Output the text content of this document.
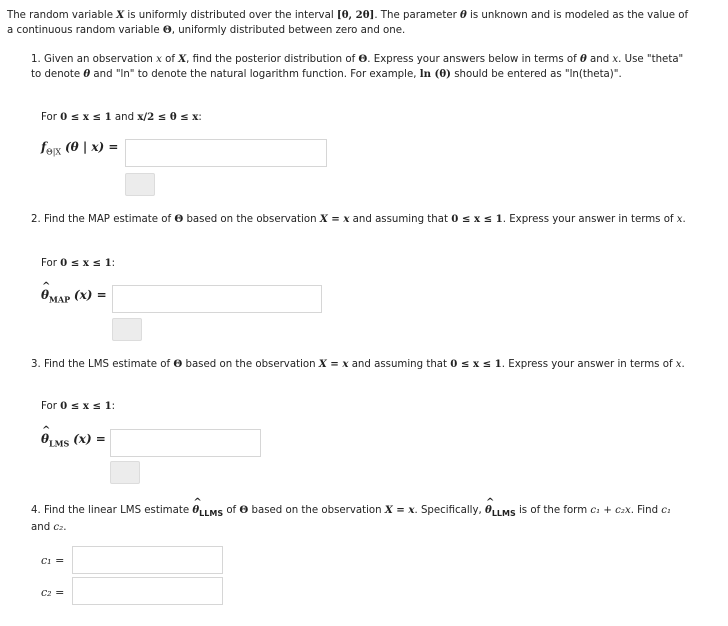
The random variable X is uniformly distributed over the interval [θ, 2θ]. The parameter θ is unknown and is modeled as the value of a continuous random variable Θ, uniformly distributed between zero and one.

1. Given an observation x of X, find the posterior distribution of Θ. Express your answers below in terms of θ and x. Use "theta" to denote θ and "ln" to denote the natural logarithm function. For example, ln (θ) should be entered as "ln(theta)".

For 0 ≤ x ≤ 1 and x/2 ≤ θ ≤ x:

$f_{\Theta|X}$ (θ | x) =

2. Find the MAP estimate of Θ based on the observation X = x and assuming that 0 ≤ x ≤ 1. Express your answer in terms of x.

For 0 ≤ x ≤ 1:

^ $\theta_{MAP}$ (x) =

3. Find the LMS estimate of Θ based on the observation X = x and assuming that 0 ≤ x ≤ 1. Express your answer in terms of x.

For 0 ≤ x ≤ 1:

^ $\theta_{LMS}$ (x) =

4. Find the linear LMS estimate ^ $\theta_{LLMS}$ of Θ based on the observation X = x. Specifically, ^ $\theta_{LLMS}$ is of the form c₁ + c₂x. Find c₁ and c₂.

c₁ =
c₂ =
